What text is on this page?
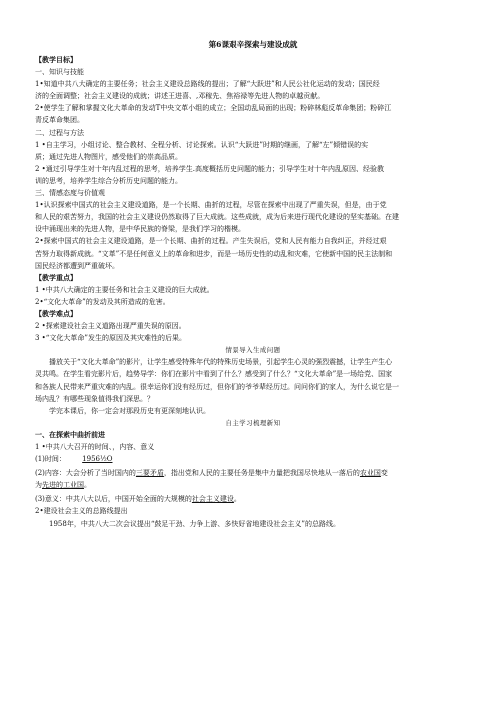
第6课艰辛探索与建设成就

【教学目标】

一、知识与技能

1•知道中共八大确定的主要任务；社会主义建设总路线的提出；了解“大跃进”和人民公社化运动的发动；国民经

济的全面调整；社会主义建设的成就；讲述王进喜、,邓稼先、焦裕禄等先进人物的卓越贡献。

2•使学生了解和掌握文化大革命的发动T中央文革小组的成立；全国动乱局面的出现；粉碎林彪反革命集团；粉碎江

青反革命集团。

二、过程与方法

1 •自主学习，小组讨论、整合教材、全程分析、讨论探索。认识“大跃进”时期的继画，了解“左”倾错误的实

质；通过先进人物图片，感受他们的崇高品质。

2 •通过引导学生对十年内乱过程的思考，培养学生.高度概括历史问题的能力；引导学生对十年内乱原因、经验教

训的思考，培养学生综合分析历史问题的能力。

三、情感态度与价值观

1•认识探索中国式的社会主义建设道路，是一个长期、曲折的过程，尽管在探索中出现了严重失误，但是，由于党

和人民的艰苦努力，我国的社会主义建设仍然取得了巨大成就。这些成就，成为后来进行现代化建设的坚实基础。在建

设中涌现出来的先进人物，是中华民族的脊梁，是我们学习的楷模。

2•探索中国式的社会主义建设道路，是一个长期、曲折的过程。产生失误后，党和人民有能力自我纠正，并经过艰

苦努力取得新成就。“文革”不是任何意义上的革命和进步，而是一场历史性的动乱和灾难，它使新中国的民主法制和

国民经济都遭到严重破坏。

【教学重点】

1 •中共八大确定的主要任务和社会主义建设的巨大成就。

2•“文化大革命”的发动及其所造成的危害。

【教学难点】

2 •探索建设社会主义道路出现严重失误的原因。

3 •“文化大革命”发生的原因及其灾难性的后果。

情景导入生成问题

播放关于“文化大革命”的影片，让学生感受特殊年代的特殊历史场景，引起学生心灵的强烈震撼，让学生产生心

灵共鸣。在学生看完影片后，趋势导学：你们在影片中看到了什么？感受到了什么？“文化大革命”是一场给党、国家

和各族人民带来严重灾难的内乱。很幸运你们没有经历过，但你们的爷爷辈经历过。问问你们的家人，为什么说它是一

场内乱？有哪些现象值得我们深思。？

学完本课后，你一定会对那段历史有更深刻地认识。

自主学习梳理新知

一、在探索中曲折前进

1 •中共八大召开的时间、，内容、意义

(1)时间： 1956½O

(2)内容：大会分析了当时国内的三要矛盾，指出党和人民的主要任务是集中力量把我国尽快地从一落后的农业国变

为先进的工业国。

(3)意义：中共八大以后，中国开始全面的大规模的社会主义建设。

2•建设社会主义的总路线提出

1958年，中共八大二次会议提出“鼓足干劲、力争上游、多快好省地建设社会主义”的总路线。
